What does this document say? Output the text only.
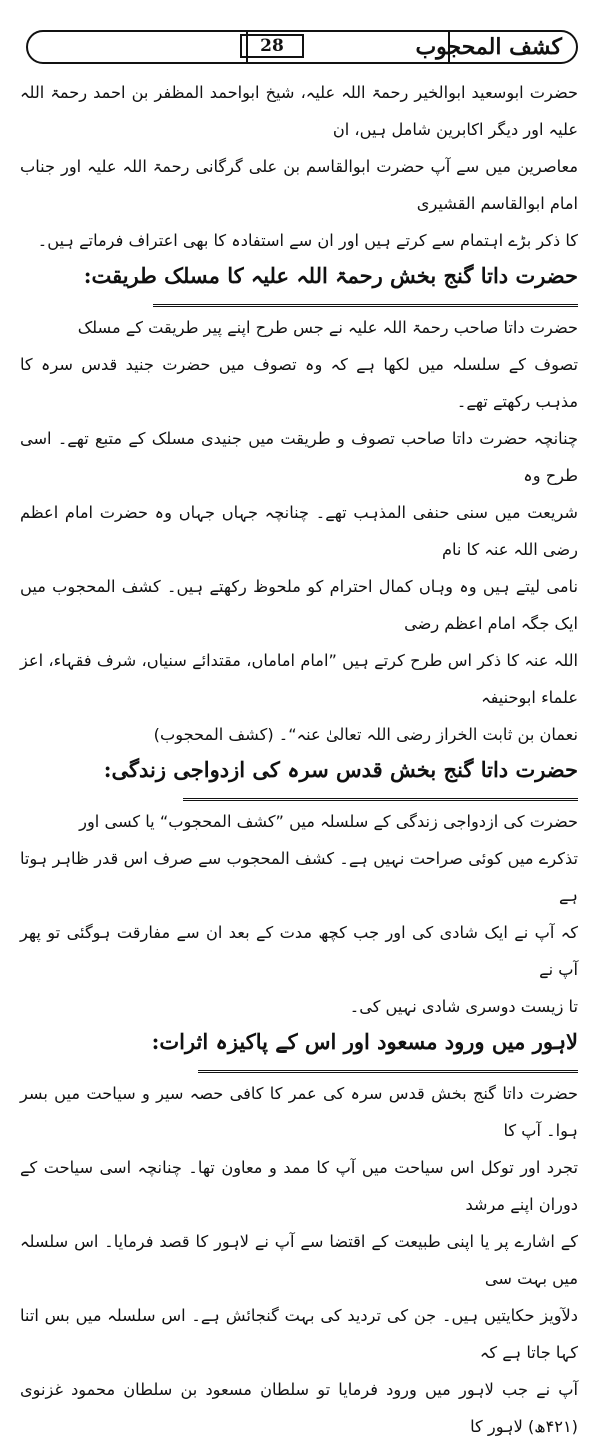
كشف المحجوب
28

حضرت ابوسعید ابوالخیر رحمۃ اللہ علیہ، شیخ ابواحمد المظفر بن احمد رحمۃ اللہ علیہ اور دیگر اکابرین شامل ہیں، ان

معاصرین میں سے آپ حضرت ابوالقاسم بن علی گرگانی رحمۃ اللہ علیہ اور جناب امام ابوالقاسم القشیری

کا ذکر بڑے اہتمام سے کرتے ہیں اور ان سے استفادہ کا بھی اعتراف فرماتے ہیں۔

حضرت داتا گنج بخش رحمۃ اللہ علیہ کا مسلک طریقت:

حضرت داتا صاحب رحمۃ اللہ علیہ نے جس طرح اپنے پیر طریقت کے مسلک

تصوف کے سلسلہ میں لکھا ہے کہ وہ تصوف میں حضرت جنید قدس سرہ کا مذہب رکھتے تھے۔

چنانچہ حضرت داتا صاحب تصوف و طریقت میں جنیدی مسلک کے متبع تھے۔ اسی طرح وہ

شریعت میں سنی حنفی المذہب تھے۔ چنانچہ جہاں جہاں وہ حضرت امام اعظم رضی اللہ عنہ کا نام

نامی لیتے ہیں وہ وہاں کمال احترام کو ملحوظ رکھتے ہیں۔ کشف المحجوب میں ایک جگہ امام اعظم رضی

اللہ عنہ کا ذکر اس طرح کرتے ہیں ”امام اماماں، مقتدائے سنیاں، شرف فقہاء، اعز علماء ابوحنیفہ

نعمان بن ثابت الخراز رضی اللہ تعالیٰ عنہ“۔ (کشف المحجوب)

حضرت داتا گنج بخش قدس سرہ کی ازدواجی زندگی:

حضرت کی ازدواجی زندگی کے سلسلہ میں ”کشف المحجوب“ یا کسی اور

تذکرے میں کوئی صراحت نہیں ہے۔ کشف المحجوب سے صرف اس قدر ظاہر ہوتا ہے

کہ آپ نے ایک شادی کی اور جب کچھ مدت کے بعد ان سے مفارقت ہوگئی تو پھر آپ نے

تا زیست دوسری شادی نہیں کی۔

لاہور میں ورود مسعود اور اس کے پاکیزہ اثرات:

حضرت داتا گنج بخش قدس سرہ کی عمر کا کافی حصہ سیر و سیاحت میں بسر ہوا۔ آپ کا

تجرد اور توکل اس سیاحت میں آپ کا ممد و معاون تھا۔ چنانچہ اسی سیاحت کے دوران اپنے مرشد

کے اشارے پر یا اپنی طبیعت کے اقتضا سے آپ نے لاہور کا قصد فرمایا۔ اس سلسلہ میں بہت سی

دلآویز حکایتیں ہیں۔ جن کی تردید کی بہت گنجائش ہے۔ اس سلسلہ میں بس اتنا کہا جاتا ہے کہ

آپ نے جب لاہور میں ورود فرمایا تو سلطان مسعود بن سلطان محمود غزنوی (۴۲۱ھ) لاہور کا
